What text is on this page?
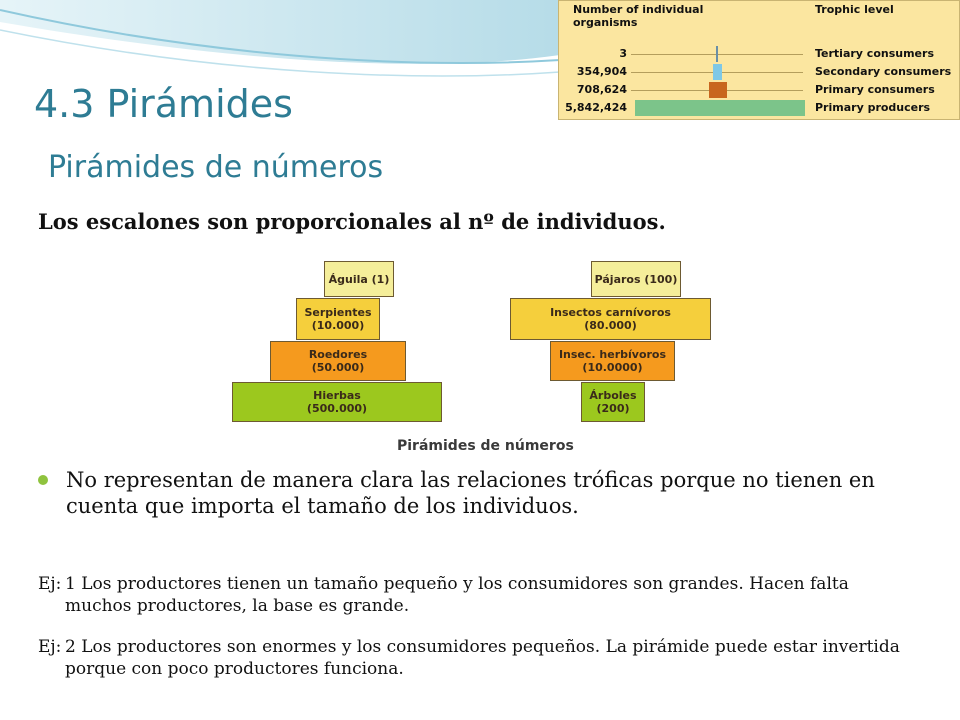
Number of individual organisms
Trophic level
3	Tertiary consumers
354,904	Secondary consumers
708,624	Primary consumers
5,842,424	Primary producers
4.3 Pirámides
Pirámides de números
Los escalones son proporcionales al nº de individuos.
Águila (1)
Serpientes
(10.000)
Roedores
(50.000)
Hierbas
(500.000)
Pájaros (100)
Insectos carnívoros
(80.000)
Insec. herbívoros
(10.0000)
Árboles
(200)
Pirámides de números
No representan de manera clara las relaciones tróficas porque no tienen en cuenta que importa el tamaño de los individuos.
Ej: 1 Los productores tienen un tamaño pequeño y los consumidores son grandes. Hacen falta muchos productores, la base es grande.
Ej: 2 Los productores son enormes y los consumidores pequeños. La pirámide puede estar invertida porque con poco productores funciona.
